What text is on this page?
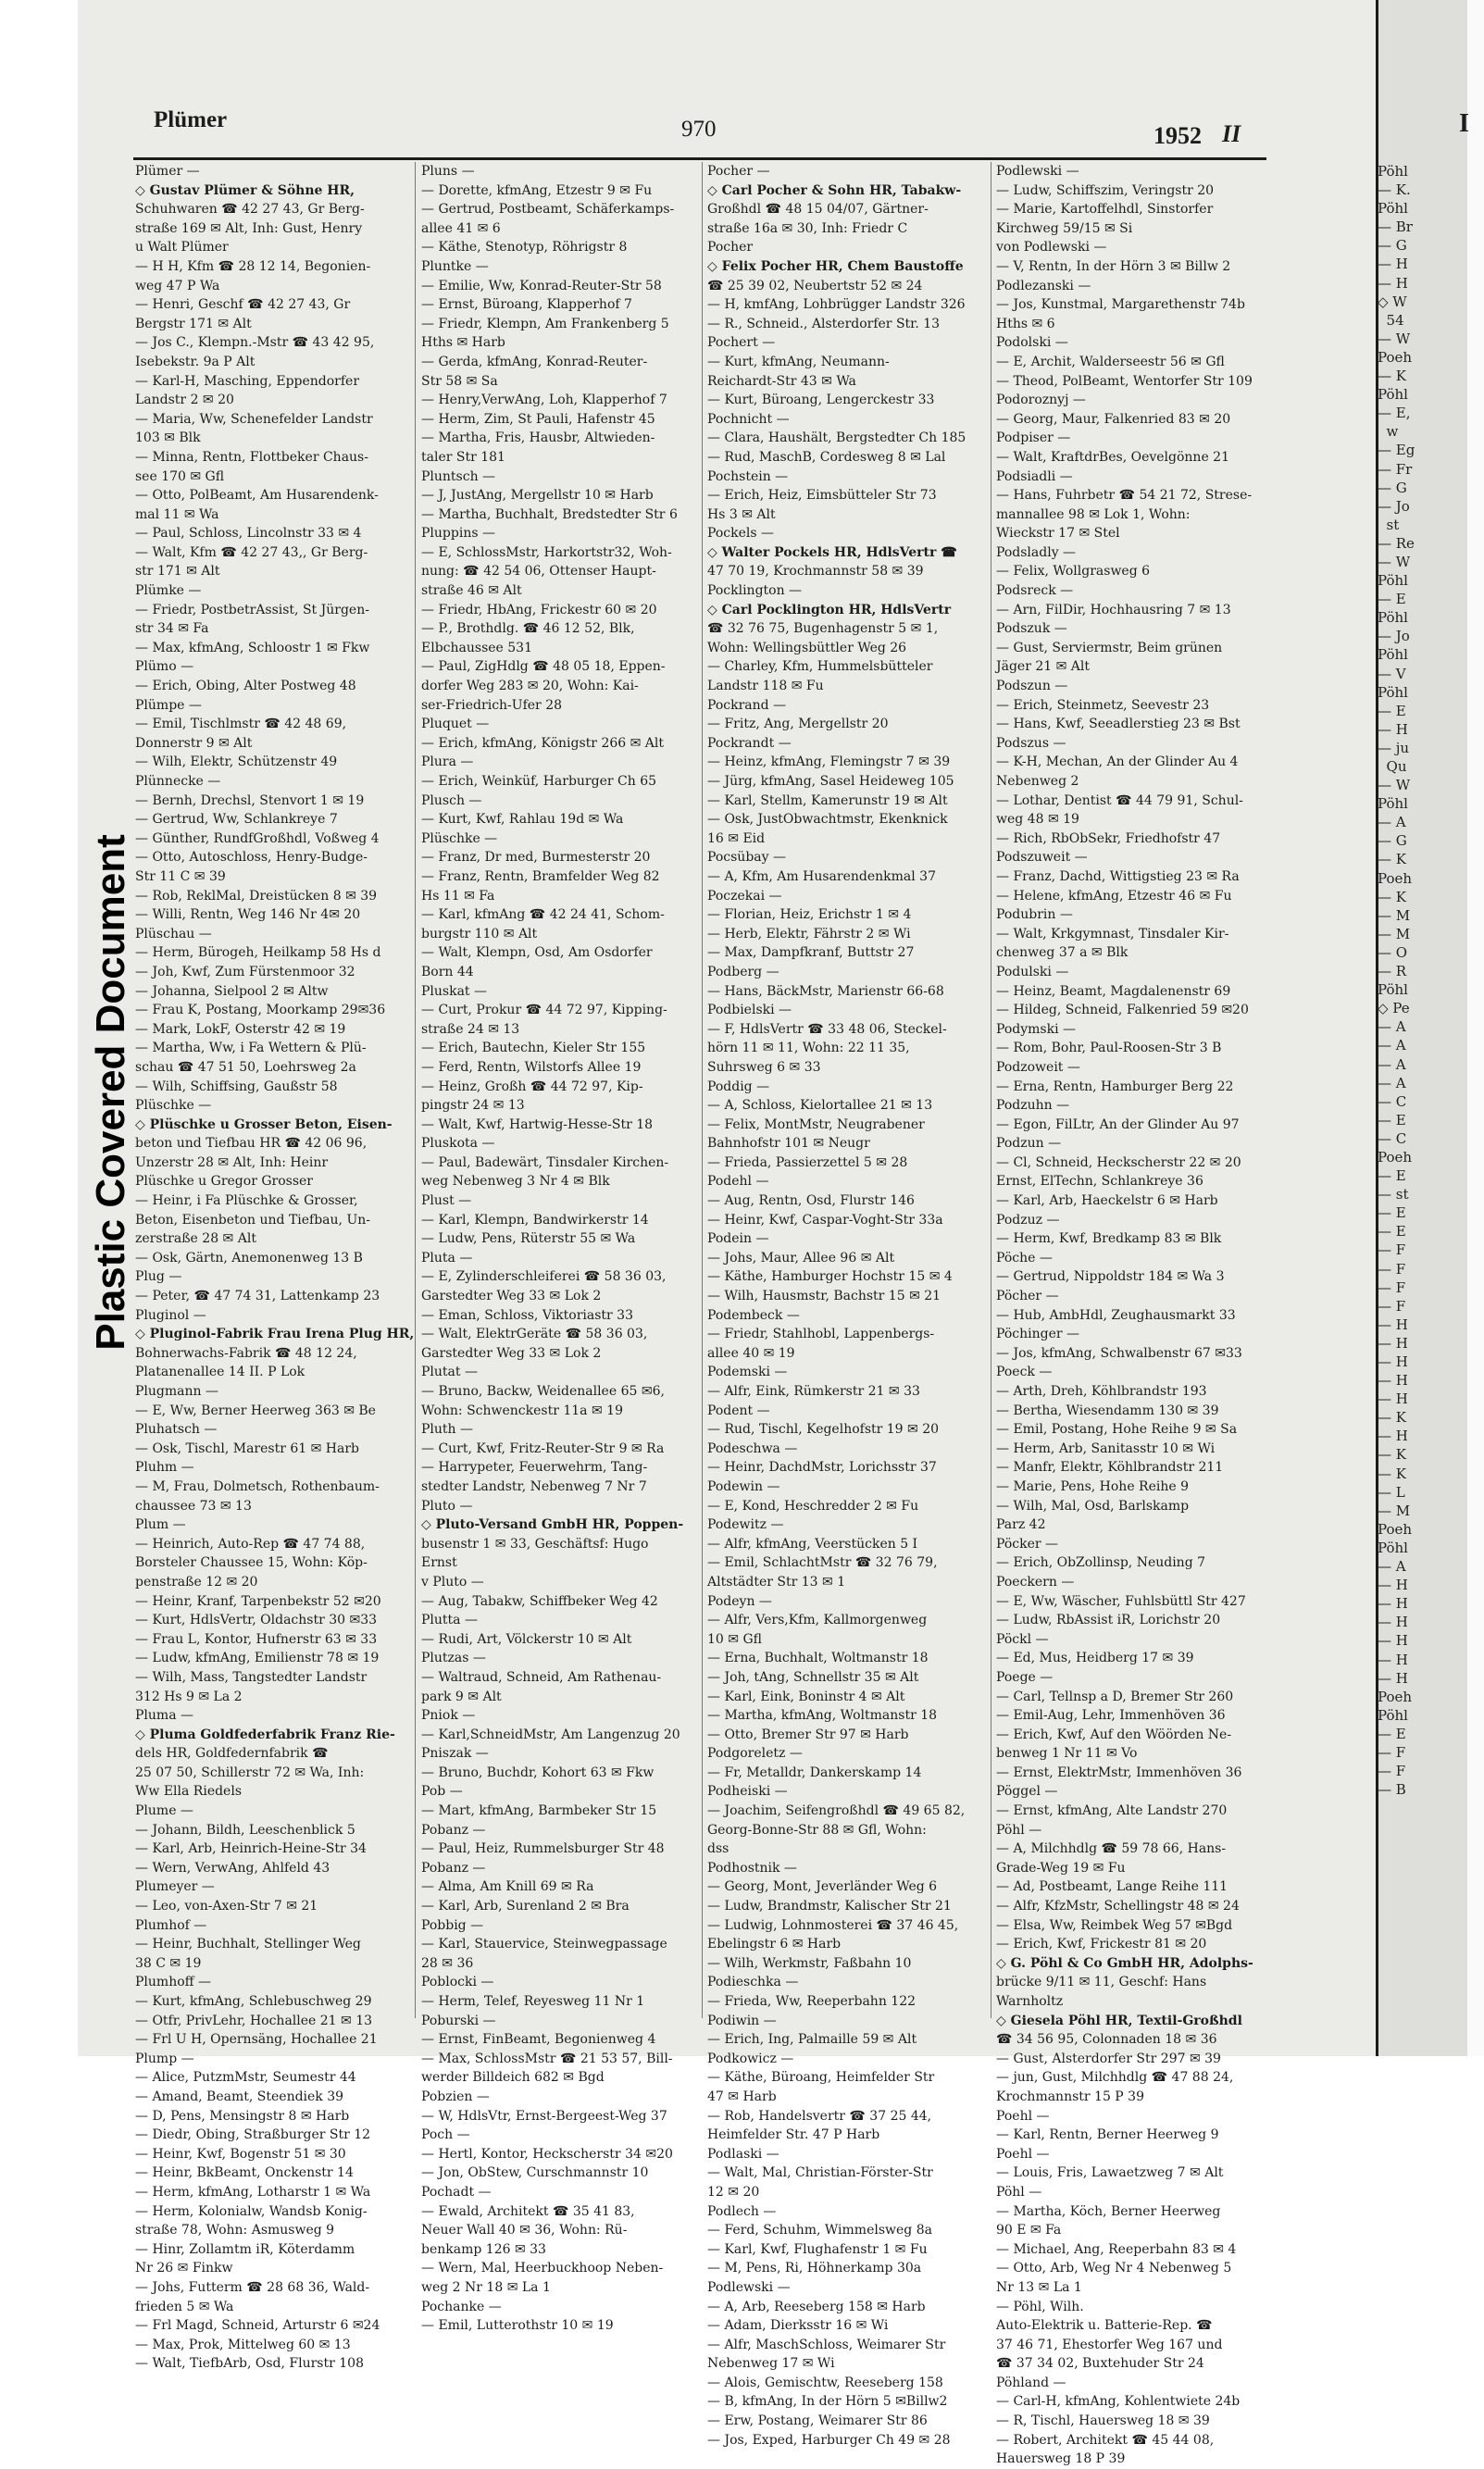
I
Pöhl
— K.
Pöhl
— Br
— G
— H
— H
◇ W
54
— W
Poeh
— K
Pöhl
— E,
w
— Eg
— Fr
— G
— Jo
st
— Re
— W
Pöhl
— E
Pöhl
— Jo
Pöhl
— V
Pöhl
— E
— H
— ju
Qu
— W
Pöhl
— A
— G
— K
Poeh
— K
— M
— M
— O
— R
Pöhl
◇ Pe
— A
— A
— A
— A
— C
— E
— C
Poeh
— E
— st
— E
— E
— F
— F
— F
— F
— H
— H
— H
— H
— H
— K
— H
— K
— K
— L
— M
Poeh
Pöhl
— A
— H
— H
— H
— H
— H
— H
Poeh
Pöhl
— E
— F
— F
— B
Plastic Covered Document
Plümer	970	1952 II
Plümer —
◇ Gustav Plümer & Söhne HR,
Schuhwaren ☎ 42 27 43, Gr Berg-
straße 169 ✉ Alt, Inh: Gust, Henry
u Walt Plümer
— H H, Kfm ☎ 28 12 14, Begonien-
weg 47 P Wa
— Henri, Geschf ☎ 42 27 43, Gr
Bergstr 171 ✉ Alt
— Jos C., Klempn.-Mstr ☎ 43 42 95,
Isebekstr. 9a P Alt
— Karl-H, Masching, Eppendorfer
Landstr 2 ✉ 20
— Maria, Ww, Schenefelder Landstr
103 ✉ Blk
— Minna, Rentn, Flottbeker Chaus-
see 170 ✉ Gfl
— Otto, PolBeamt, Am Husarendenk-
mal 11 ✉ Wa
— Paul, Schloss, Lincolnstr 33 ✉ 4
— Walt, Kfm ☎ 42 27 43,, Gr Berg-
str 171 ✉ Alt
Plümke —
— Friedr, PostbetrAssist, St Jürgen-
str 34 ✉ Fa
— Max, kfmAng, Schloostr 1 ✉ Fkw
Plümo —
— Erich, Obing, Alter Postweg 48
Plümpe —
— Emil, Tischlmstr ☎ 42 48 69,
Donnerstr 9 ✉ Alt
— Wilh, Elektr, Schützenstr 49
Plünnecke —
— Bernh, Drechsl, Stenvort 1 ✉ 19
— Gertrud, Ww, Schlankreye 7
— Günther, RundfGroßhdl, Voßweg 4
— Otto, Autoschloss, Henry-Budge-
Str 11 C ✉ 39
— Rob, ReklMal, Dreistücken 8 ✉ 39
— Willi, Rentn, Weg 146 Nr 4✉ 20
Plüschau —
— Herm, Bürogeh, Heilkamp 58 Hs d
— Joh, Kwf, Zum Fürstenmoor 32
— Johanna, Sielpool 2 ✉ Altw
— Frau K, Postang, Moorkamp 29✉36
— Mark, LokF, Osterstr 42 ✉ 19
— Martha, Ww, i Fa Wettern & Plü-
schau ☎ 47 51 50, Loehrsweg 2a
— Wilh, Schiffsing, Gaußstr 58
Plüschke —
◇ Plüschke u Grosser Beton, Eisen-
beton und Tiefbau HR ☎ 42 06 96,
Unzerstr 28 ✉ Alt, Inh: Heinr
Plüschke u Gregor Grosser
— Heinr, i Fa Plüschke & Grosser,
Beton, Eisenbeton und Tiefbau, Un-
zerstraße 28 ✉ Alt
— Osk, Gärtn, Anemonenweg 13 B
Plug —
— Peter, ☎ 47 74 31, Lattenkamp 23
Pluginol —
◇ Pluginol-Fabrik Frau Irena Plug HR,
Bohnerwachs-Fabrik ☎ 48 12 24,
Platanenallee 14 II. P Lok
Plugmann —
— E, Ww, Berner Heerweg 363 ✉ Be
Pluhatsch —
— Osk, Tischl, Marestr 61 ✉ Harb
Pluhm —
— M, Frau, Dolmetsch, Rothenbaum-
chaussee 73 ✉ 13
Plum —
— Heinrich, Auto-Rep ☎ 47 74 88,
Borsteler Chaussee 15, Wohn: Köp-
penstraße 12 ✉ 20
— Heinr, Kranf, Tarpenbekstr 52 ✉20
— Kurt, HdlsVertr, Oldachstr 30 ✉33
— Frau L, Kontor, Hufnerstr 63 ✉ 33
— Ludw, kfmAng, Emilienstr 78 ✉ 19
— Wilh, Mass, Tangstedter Landstr
312 Hs 9 ✉ La 2
Pluma —
◇ Pluma Goldfederfabrik Franz Rie-
dels HR, Goldfedernfabrik ☎
25 07 50, Schillerstr 72 ✉ Wa, Inh:
Ww Ella Riedels
Plume —
— Johann, Bildh, Leeschenblick 5
— Karl, Arb, Heinrich-Heine-Str 34
— Wern, VerwAng, Ahlfeld 43
Plumeyer —
— Leo, von-Axen-Str 7 ✉ 21
Plumhof —
— Heinr, Buchhalt, Stellinger Weg
38 C ✉ 19
Plumhoff —
— Kurt, kfmAng, Schlebuschweg 29
— Otfr, PrivLehr, Hochallee 21 ✉ 13
— Frl U H, Opernsäng, Hochallee 21
Plump —
— Alice, PutzmMstr, Seumestr 44
— Amand, Beamt, Steendiek 39
— D, Pens, Mensingstr 8 ✉ Harb
— Diedr, Obing, Straßburger Str 12
— Heinr, Kwf, Bogenstr 51 ✉ 30
— Heinr, BkBeamt, Onckenstr 14
— Herm, kfmAng, Lotharstr 1 ✉ Wa
— Herm, Kolonialw, Wandsb Konig-
straße 78, Wohn: Asmusweg 9
— Hinr, Zollamtm iR, Köterdamm
Nr 26 ✉ Finkw
— Johs, Futterm ☎ 28 68 36, Wald-
frieden 5 ✉ Wa
— Frl Magd, Schneid, Arturstr 6 ✉24
— Max, Prok, Mittelweg 60 ✉ 13
— Walt, TiefbArb, Osd, Flurstr 108
Pluns —
— Dorette, kfmAng, Etzestr 9 ✉ Fu
— Gertrud, Postbeamt, Schäferkamps-
allee 41 ✉ 6
— Käthe, Stenotyp, Röhrigstr 8
Pluntke —
— Emilie, Ww, Konrad-Reuter-Str 58
— Ernst, Büroang, Klapperhof 7
— Friedr, Klempn, Am Frankenberg 5
Hths ✉ Harb
— Gerda, kfmAng, Konrad-Reuter-
Str 58 ✉ Sa
— Henry,VerwAng, Loh, Klapperhof 7
— Herm, Zim, St Pauli, Hafenstr 45
— Martha, Fris, Hausbr, Altwieden-
taler Str 181
Pluntsch —
— J, JustAng, Mergellstr 10 ✉ Harb
— Martha, Buchhalt, Bredstedter Str 6
Pluppins —
— E, SchlossMstr, Harkortstr32, Woh-
nung: ☎ 42 54 06, Ottenser Haupt-
straße 46 ✉ Alt
— Friedr, HbAng, Frickestr 60 ✉ 20
— P., Brothdlg. ☎ 46 12 52, Blk,
Elbchaussee 531
— Paul, ZigHdlg ☎ 48 05 18, Eppen-
dorfer Weg 283 ✉ 20, Wohn: Kai-
ser-Friedrich-Ufer 28
Pluquet —
— Erich, kfmAng, Königstr 266 ✉ Alt
Plura —
— Erich, Weinküf, Harburger Ch 65
Plusch —
— Kurt, Kwf, Rahlau 19d ✉ Wa
Plüschke —
— Franz, Dr med, Burmesterstr 20
— Franz, Rentn, Bramfelder Weg 82
Hs 11 ✉ Fa
— Karl, kfmAng ☎ 42 24 41, Schom-
burgstr 110 ✉ Alt
— Walt, Klempn, Osd, Am Osdorfer
Born 44
Pluskat —
— Curt, Prokur ☎ 44 72 97, Kipping-
straße 24 ✉ 13
— Erich, Bautechn, Kieler Str 155
— Ferd, Rentn, Wilstorfs Allee 19
— Heinz, Großh ☎ 44 72 97, Kip-
pingstr 24 ✉ 13
— Walt, Kwf, Hartwig-Hesse-Str 18
Pluskota —
— Paul, Badewärt, Tinsdaler Kirchen-
weg Nebenweg 3 Nr 4 ✉ Blk
Plust —
— Karl, Klempn, Bandwirkerstr 14
— Ludw, Pens, Rüterstr 55 ✉ Wa
Pluta —
— E, Zylinderschleiferei ☎ 58 36 03,
Garstedter Weg 33 ✉ Lok 2
— Eman, Schloss, Viktoriastr 33
— Walt, ElektrGeräte ☎ 58 36 03,
Garstedter Weg 33 ✉ Lok 2
Plutat —
— Bruno, Backw, Weidenallee 65 ✉6,
Wohn: Schwenckestr 11a ✉ 19
Pluth —
— Curt, Kwf, Fritz-Reuter-Str 9 ✉ Ra
— Harrypeter, Feuerwehrm, Tang-
stedter Landstr, Nebenweg 7 Nr 7
Pluto —
◇ Pluto-Versand GmbH HR, Poppen-
busenstr 1 ✉ 33, Geschäftsf: Hugo
Ernst
v Pluto —
— Aug, Tabakw, Schiffbeker Weg 42
Plutta —
— Rudi, Art, Völckerstr 10 ✉ Alt
Plutzas —
— Waltraud, Schneid, Am Rathenau-
park 9 ✉ Alt
Pniok —
— Karl,SchneidMstr, Am Langenzug 20
Pniszak —
— Bruno, Buchdr, Kohort 63 ✉ Fkw
Pob —
— Mart, kfmAng, Barmbeker Str 15
Pobanz —
— Paul, Heiz, Rummelsburger Str 48
Pobanz —
— Alma, Am Knill 69 ✉ Ra
— Karl, Arb, Surenland 2 ✉ Bra
Pobbig —
— Karl, Stauervice, Steinwegpassage
28 ✉ 36
Poblocki —
— Herm, Telef, Reyesweg 11 Nr 1
Poburski —
— Ernst, FinBeamt, Begonienweg 4
— Max, SchlossMstr ☎ 21 53 57, Bill-
werder Billdeich 682 ✉ Bgd
Pobzien —
— W, HdlsVtr, Ernst-Bergeest-Weg 37
Poch —
— Hertl, Kontor, Heckscherstr 34 ✉20
— Jon, ObStew, Curschmannstr 10
Pochadt —
— Ewald, Architekt ☎ 35 41 83,
Neuer Wall 40 ✉ 36, Wohn: Rü-
benkamp 126 ✉ 33
— Wern, Mal, Heerbuckhoop Neben-
weg 2 Nr 18 ✉ La 1
Pochanke —
— Emil, Lutterothstr 10 ✉ 19
Pocher —
◇ Carl Pocher & Sohn HR, Tabakw-
Großhdl ☎ 48 15 04/07, Gärtner-
straße 16a ✉ 30, Inh: Friedr C
Pocher
◇ Felix Pocher HR, Chem Baustoffe
☎ 25 39 02, Neubertstr 52 ✉ 24
— H, kmfAng, Lohbrügger Landstr 326
— R., Schneid., Alsterdorfer Str. 13
Pochert —
— Kurt, kfmAng, Neumann-
Reichardt-Str 43 ✉ Wa
— Kurt, Büroang, Lengerckestr 33
Pochnicht —
— Clara, Haushält, Bergstedter Ch 185
— Rud, MaschB, Cordesweg 8 ✉ Lal
Pochstein —
— Erich, Heiz, Eimsbütteler Str 73
Hs 3 ✉ Alt
Pockels —
◇ Walter Pockels HR, HdlsVertr ☎
47 70 19, Krochmannstr 58 ✉ 39
Pocklington —
◇ Carl Pocklington HR, HdlsVertr
☎ 32 76 75, Bugenhagenstr 5 ✉ 1,
Wohn: Wellingsbüttler Weg 26
— Charley, Kfm, Hummelsbütteler
Landstr 118 ✉ Fu
Pockrand —
— Fritz, Ang, Mergellstr 20
Pockrandt —
— Heinz, kfmAng, Flemingstr 7 ✉ 39
— Jürg, kfmAng, Sasel Heideweg 105
— Karl, Stellm, Kamerunstr 19 ✉ Alt
— Osk, JustObwachtmstr, Ekenknick
16 ✉ Eid
Pocsübay —
— A, Kfm, Am Husarendenkmal 37
Poczekai —
— Florian, Heiz, Erichstr 1 ✉ 4
— Herb, Elektr, Fährstr 2 ✉ Wi
— Max, Dampfkranf, Buttstr 27
Podberg —
— Hans, BäckMstr, Marienstr 66-68
Podbielski —
— F, HdlsVertr ☎ 33 48 06, Steckel-
hörn 11 ✉ 11, Wohn: 22 11 35,
Suhrsweg 6 ✉ 33
Poddig —
— A, Schloss, Kielortallee 21 ✉ 13
— Felix, MontMstr, Neugrabener
Bahnhofstr 101 ✉ Neugr
— Frieda, Passierzettel 5 ✉ 28
Podehl —
— Aug, Rentn, Osd, Flurstr 146
— Heinr, Kwf, Caspar-Voght-Str 33a
Podein —
— Johs, Maur, Allee 96 ✉ Alt
— Käthe, Hamburger Hochstr 15 ✉ 4
— Wilh, Hausmstr, Bachstr 15 ✉ 21
Podembeck —
— Friedr, Stahlhobl, Lappenbergs-
allee 40 ✉ 19
Podemski —
— Alfr, Eink, Rümkerstr 21 ✉ 33
Podent —
— Rud, Tischl, Kegelhofstr 19 ✉ 20
Podeschwa —
— Heinr, DachdMstr, Lorichsstr 37
Podewin —
— E, Kond, Heschredder 2 ✉ Fu
Podewitz —
— Alfr, kfmAng, Veerstücken 5 I
— Emil, SchlachtMstr ☎ 32 76 79,
Altstädter Str 13 ✉ 1
Podeyn —
— Alfr, Vers,Kfm, Kallmorgenweg
10 ✉ Gfl
— Erna, Buchhalt, Woltmanstr 18
— Joh, tAng, Schnellstr 35 ✉ Alt
— Karl, Eink, Boninstr 4 ✉ Alt
— Martha, kfmAng, Woltmanstr 18
— Otto, Bremer Str 97 ✉ Harb
Podgoreletz —
— Fr, Metalldr, Dankerskamp 14
Podheiski —
— Joachim, Seifengroßhdl ☎ 49 65 82,
Georg-Bonne-Str 88 ✉ Gfl, Wohn:
dss
Podhostnik —
— Georg, Mont, Jeverländer Weg 6
— Ludw, Brandmstr, Kalischer Str 21
— Ludwig, Lohnmosterei ☎ 37 46 45,
Ebelingstr 6 ✉ Harb
— Wilh, Werkmstr, Faßbahn 10
Podieschka —
— Frieda, Ww, Reeperbahn 122
Podiwin —
— Erich, Ing, Palmaille 59 ✉ Alt
Podkowicz —
— Käthe, Büroang, Heimfelder Str
47 ✉ Harb
— Rob, Handelsvertr ☎ 37 25 44,
Heimfelder Str. 47 P Harb
Podlaski —
— Walt, Mal, Christian-Förster-Str
12 ✉ 20
Podlech —
— Ferd, Schuhm, Wimmelsweg 8a
— Karl, Kwf, Flughafenstr 1 ✉ Fu
— M, Pens, Ri, Höhnerkamp 30a
Podlewski —
— A, Arb, Reeseberg 158 ✉ Harb
— Adam, Dierksstr 16 ✉ Wi
— Alfr, MaschSchloss, Weimarer Str
Nebenweg 17 ✉ Wi
— Alois, Gemischtw, Reeseberg 158
— B, kfmAng, In der Hörn 5 ✉Billw2
— Erw, Postang, Weimarer Str 86
— Jos, Exped, Harburger Ch 49 ✉ 28
Podlewski —
— Ludw, Schiffszim, Veringstr 20
— Marie, Kartoffelhdl, Sinstorfer
Kirchweg 59/15 ✉ Si
von Podlewski —
— V, Rentn, In der Hörn 3 ✉ Billw 2
Podlezanski —
— Jos, Kunstmal, Margarethenstr 74b
Hths ✉ 6
Podolski —
— E, Archit, Walderseestr 56 ✉ Gfl
— Theod, PolBeamt, Wentorfer Str 109
Podoroznyj —
— Georg, Maur, Falkenried 83 ✉ 20
Podpiser —
— Walt, KraftdrBes, Oevelgönne 21
Podsiadli —
— Hans, Fuhrbetr ☎ 54 21 72, Strese-
mannallee 98 ✉ Lok 1, Wohn:
Wieckstr 17 ✉ Stel
Podsladly —
— Felix, Wollgrasweg 6
Podsreck —
— Arn, FilDir, Hochhausring 7 ✉ 13
Podszuk —
— Gust, Serviermstr, Beim grünen
Jäger 21 ✉ Alt
Podszun —
— Erich, Steinmetz, Seevestr 23
— Hans, Kwf, Seeadlerstieg 23 ✉ Bst
Podszus —
— K-H, Mechan, An der Glinder Au 4
Nebenweg 2
— Lothar, Dentist ☎ 44 79 91, Schul-
weg 48 ✉ 19
— Rich, RbObSekr, Friedhofstr 47
Podszuweit —
— Franz, Dachd, Wittigstieg 23 ✉ Ra
— Helene, kfmAng, Etzestr 46 ✉ Fu
Podubrin —
— Walt, Krkgymnast, Tinsdaler Kir-
chenweg 37 a ✉ Blk
Podulski —
— Heinz, Beamt, Magdalenenstr 69
— Hildeg, Schneid, Falkenried 59 ✉20
Podymski —
— Rom, Bohr, Paul-Roosen-Str 3 B
Podzoweit —
— Erna, Rentn, Hamburger Berg 22
Podzuhn —
— Egon, FilLtr, An der Glinder Au 97
Podzun —
— Cl, Schneid, Heckscherstr 22 ✉ 20
Ernst, ElTechn, Schlankreye 36
— Karl, Arb, Haeckelstr 6 ✉ Harb
Podzuz —
— Herm, Kwf, Bredkamp 83 ✉ Blk
Pöche —
— Gertrud, Nippoldstr 184 ✉ Wa 3
Pöcher —
— Hub, AmbHdl, Zeughausmarkt 33
Pöchinger —
— Jos, kfmAng, Schwalbenstr 67 ✉33
Poeck —
— Arth, Dreh, Köhlbrandstr 193
— Bertha, Wiesendamm 130 ✉ 39
— Emil, Postang, Hohe Reihe 9 ✉ Sa
— Herm, Arb, Sanitasstr 10 ✉ Wi
— Manfr, Elektr, Köhlbrandstr 211
— Marie, Pens, Hohe Reihe 9
— Wilh, Mal, Osd, Barlskamp
Parz 42
Pöcker —
— Erich, ObZollinsp, Neuding 7
Poeckern —
— E, Ww, Wäscher, Fuhlsbüttl Str 427
— Ludw, RbAssist iR, Lorichstr 20
Pöckl —
— Ed, Mus, Heidberg 17 ✉ 39
Poege —
— Carl, Tellnsp a D, Bremer Str 260
— Emil-Aug, Lehr, Immenhöven 36
— Erich, Kwf, Auf den Wöörden Ne-
benweg 1 Nr 11 ✉ Vo
— Ernst, ElektrMstr, Immenhöven 36
Pöggel —
— Ernst, kfmAng, Alte Landstr 270
Pöhl —
— A, Milchhdlg ☎ 59 78 66, Hans-
Grade-Weg 19 ✉ Fu
— Ad, Postbeamt, Lange Reihe 111
— Alfr, KfzMstr, Schellingstr 48 ✉ 24
— Elsa, Ww, Reimbek Weg 57 ✉Bgd
— Erich, Kwf, Frickestr 81 ✉ 20
◇ G. Pöhl & Co GmbH HR, Adolphs-
brücke 9/11 ✉ 11, Geschf: Hans
Warnholtz
◇ Giesela Pöhl HR, Textil-Großhdl
☎ 34 56 95, Colonnaden 18 ✉ 36
— Gust, Alsterdorfer Str 297 ✉ 39
— jun, Gust, Milchhdlg ☎ 47 88 24,
Krochmannstr 15 P 39
Poehl —
— Karl, Rentn, Berner Heerweg 9
Poehl —
— Louis, Fris, Lawaetzweg 7 ✉ Alt
Pöhl —
— Martha, Köch, Berner Heerweg
90 E ✉ Fa
— Michael, Ang, Reeperbahn 83 ✉ 4
— Otto, Arb, Weg Nr 4 Nebenweg 5
Nr 13 ✉ La 1
— Pöhl, Wilh.
Auto-Elektrik u. Batterie-Rep. ☎
37 46 71, Ehestorfer Weg 167 und
☎ 37 34 02, Buxtehuder Str 24
Pöhland —
— Carl-H, kfmAng, Kohlentwiete 24b
— R, Tischl, Hauersweg 18 ✉ 39
— Robert, Architekt ☎ 45 44 08,
Hauersweg 18 P 39
